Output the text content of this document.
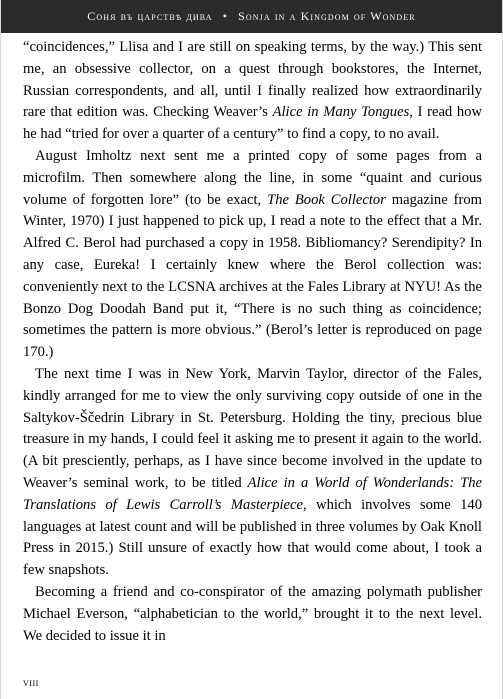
Соня въ царствѣ дива • Sonja in a Kingdom of Wonder

“coincidences,” Llisa and I are still on speaking terms, by the way.) This sent me, an obsessive collector, on a quest through bookstores, the Internet, Russian correspondents, and all, until I finally realized how extraordinarily rare that edition was. Checking Weaver’s Alice in Many Tongues, I read how he had “tried for over a quarter of a century” to find a copy, to no avail.

August Imholtz next sent me a printed copy of some pages from a microfilm. Then somewhere along the line, in some “quaint and curious volume of forgotten lore” (to be exact, The Book Collector magazine from Winter, 1970) I just happened to pick up, I read a note to the effect that a Mr. Alfred C. Berol had purchased a copy in 1958. Bibliomancy? Serendipity? In any case, Eureka! I certainly knew where the Berol collection was: conveniently next to the LCSNA archives at the Fales Library at NYU! As the Bonzo Dog Doodah Band put it, “There is no such thing as coincidence; sometimes the pattern is more obvious.” (Berol’s letter is reproduced on page 170.)

The next time I was in New York, Marvin Taylor, director of the Fales, kindly arranged for me to view the only surviving copy outside of one in the Saltykov-Ščedrin Library in St. Petersburg. Holding the tiny, precious blue treasure in my hands, I could feel it asking me to present it again to the world. (A bit presciently, perhaps, as I have since become involved in the update to Weaver’s seminal work, to be titled Alice in a World of Wonderlands: The Translations of Lewis Carroll’s Masterpiece, which involves some 140 languages at latest count and will be published in three volumes by Oak Knoll Press in 2015.) Still unsure of exactly how that would come about, I took a few snapshots.

Becoming a friend and co-conspirator of the amazing polymath publisher Michael Everson, “alphabetician to the world,” brought it to the next level. We decided to issue it in

viii
